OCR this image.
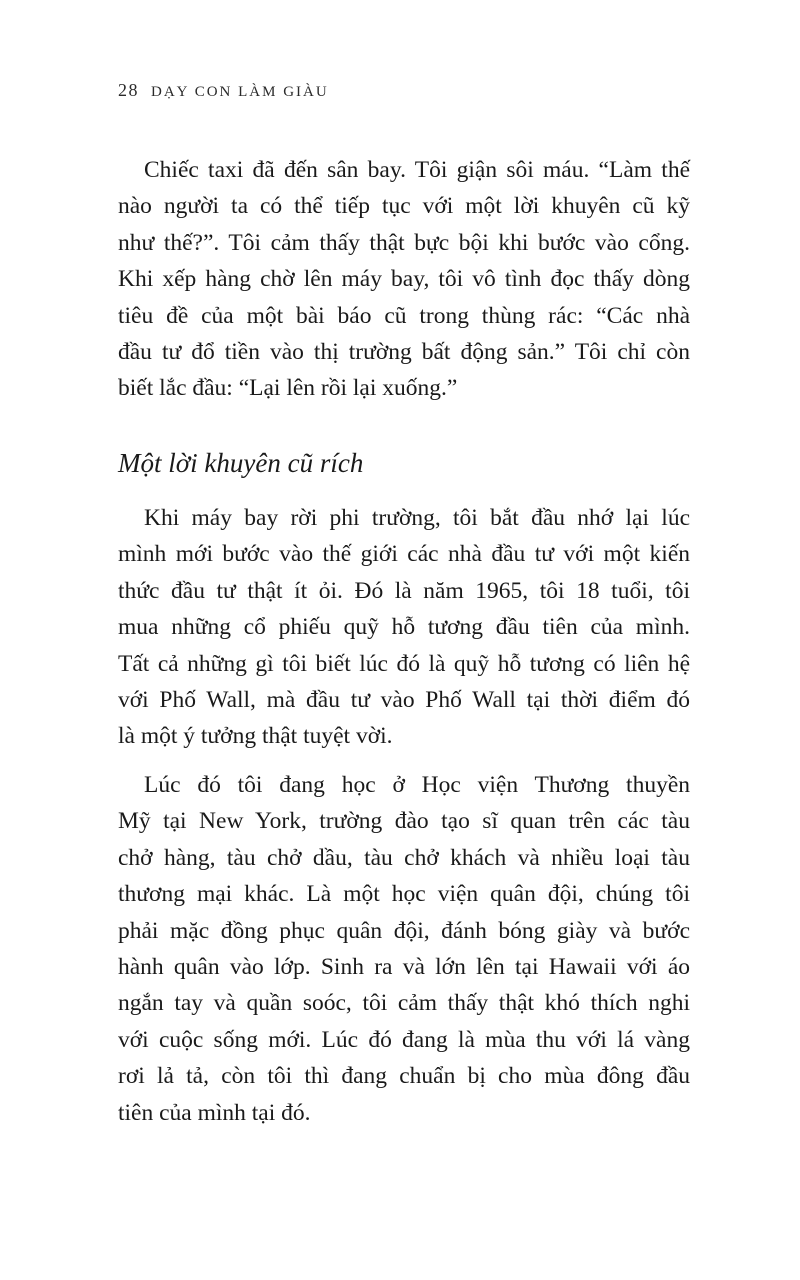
28 DẠY CON LÀM GIÀU
Chiếc taxi đã đến sân bay. Tôi giận sôi máu. “Làm thế
nào người ta có thể tiếp tục với một lời khuyên cũ kỹ
như thế?”. Tôi cảm thấy thật bực bội khi bước vào cổng.
Khi xếp hàng chờ lên máy bay, tôi vô tình đọc thấy dòng
tiêu đề của một bài báo cũ trong thùng rác: “Các nhà
đầu tư đổ tiền vào thị trường bất động sản.” Tôi chỉ còn
biết lắc đầu: “Lại lên rồi lại xuống.”
Một lời khuyên cũ rích
Khi máy bay rời phi trường, tôi bắt đầu nhớ lại lúc
mình mới bước vào thế giới các nhà đầu tư với một kiến
thức đầu tư thật ít ỏi. Đó là năm 1965, tôi 18 tuổi, tôi
mua những cổ phiếu quỹ hỗ tương đầu tiên của mình.
Tất cả những gì tôi biết lúc đó là quỹ hỗ tương có liên hệ
với Phố Wall, mà đầu tư vào Phố Wall tại thời điểm đó
là một ý tưởng thật tuyệt vời.
Lúc đó tôi đang học ở Học viện Thương thuyền
Mỹ tại New York, trường đào tạo sĩ quan trên các tàu
chở hàng, tàu chở dầu, tàu chở khách và nhiều loại tàu
thương mại khác. Là một học viện quân đội, chúng tôi
phải mặc đồng phục quân đội, đánh bóng giày và bước
hành quân vào lớp. Sinh ra và lớn lên tại Hawaii với áo
ngắn tay và quần soóc, tôi cảm thấy thật khó thích nghi
với cuộc sống mới. Lúc đó đang là mùa thu với lá vàng
rơi lả tả, còn tôi thì đang chuẩn bị cho mùa đông đầu
tiên của mình tại đó.
